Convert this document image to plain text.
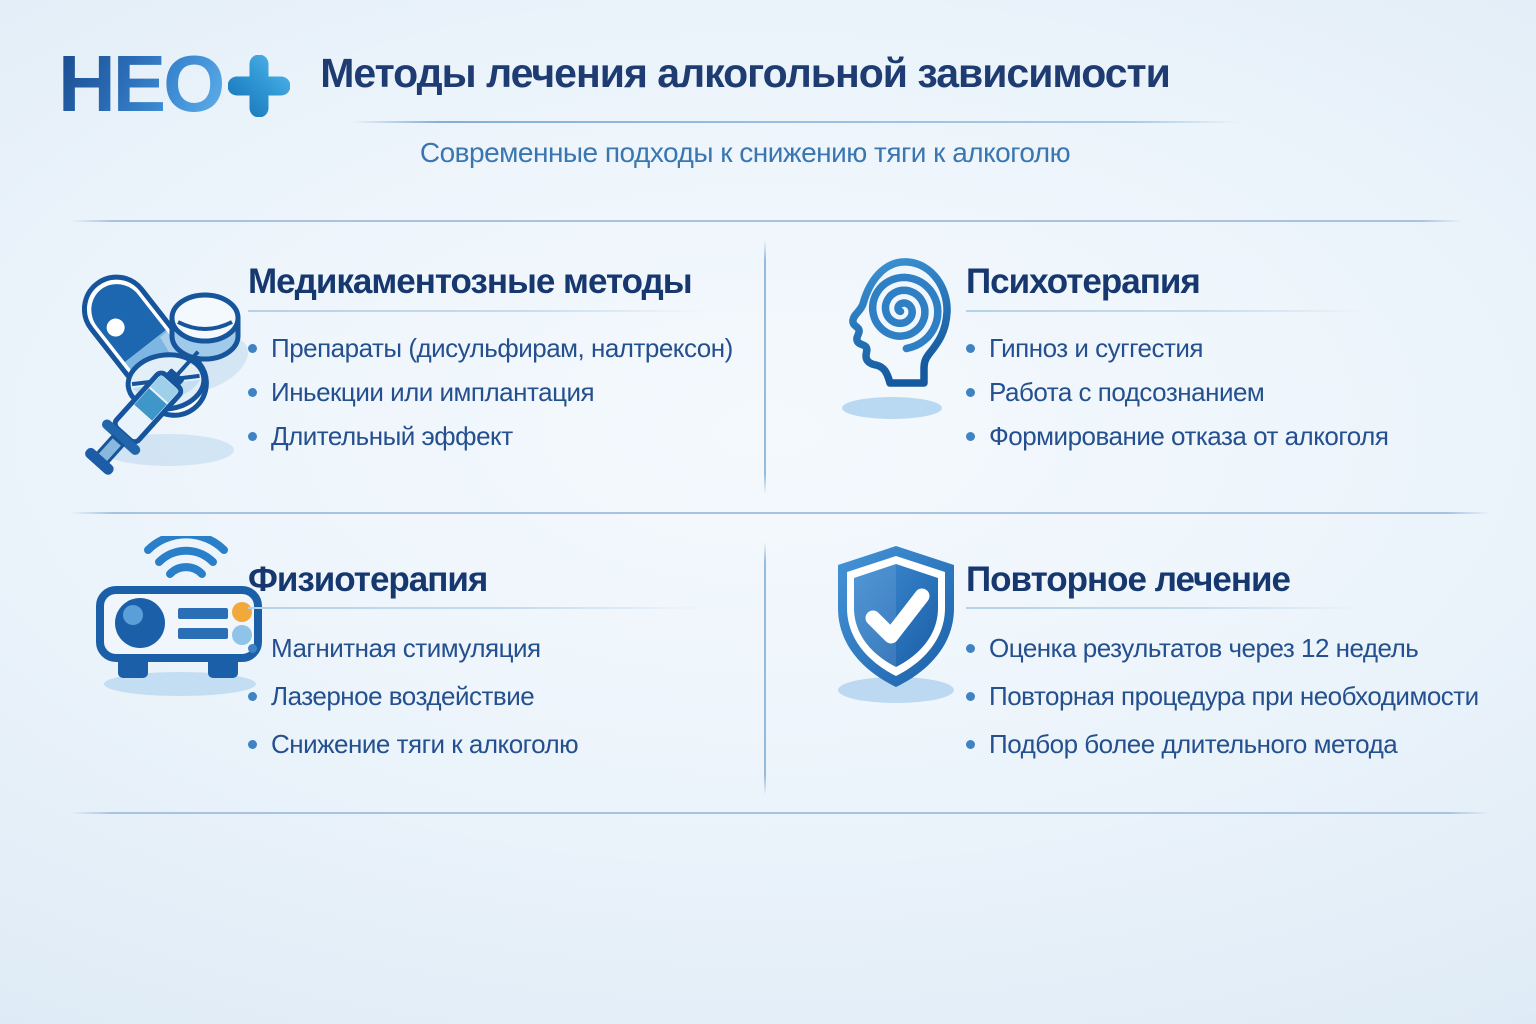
НЕО Методы лечения алкогольной зависимости
Современные подходы к снижению тяги к алкоголю
Медикаментозные методы
Препараты (дисульфирам, налтрексон)
Иньекции или имплантация
Длительный эффект
Психотерапия
Гипноз и суггестия
Работа с подсознанием
Формирование отказа от алкоголя
Физиотерапия
Магнитная стимуляция
Лазерное воздействие
Снижение тяги к алкоголю
Повторное лечение
Оценка результатов через 12 недель
Повторная процедура при необходимости
Подбор более длительного метода
